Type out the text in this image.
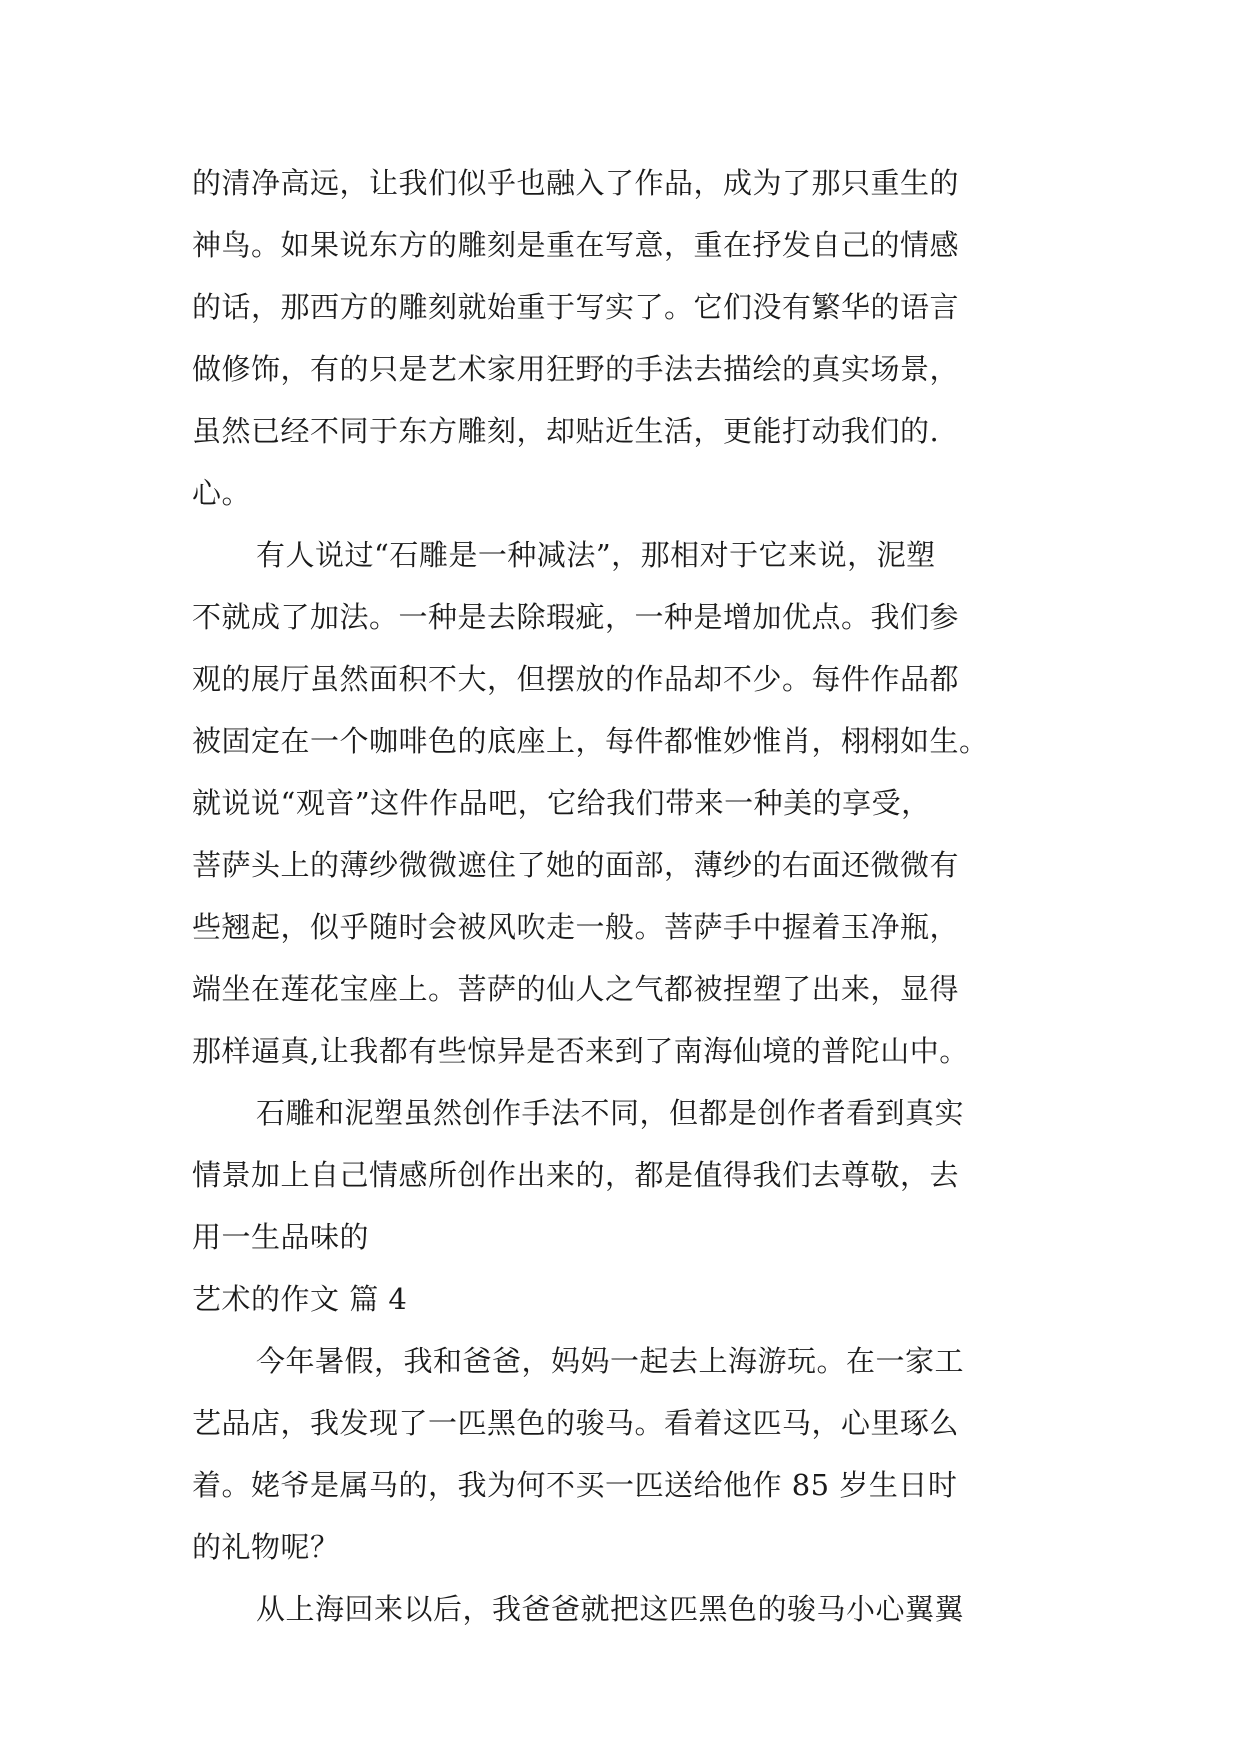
的清净高远，让我们似乎也融入了作品，成为了那只重生的

神鸟。如果说东方的雕刻是重在写意，重在抒发自己的情感

的话，那西方的雕刻就始重于写实了。它们没有繁华的语言

做修饰，有的只是艺术家用狂野的手法去描绘的真实场景，

虽然已经不同于东方雕刻，却贴近生活，更能打动我们的.

心。

有人说过“石雕是一种减法”，那相对于它来说，泥塑

不就成了加法。一种是去除瑕疵，一种是增加优点。我们参

观的展厅虽然面积不大，但摆放的作品却不少。每件作品都

被固定在一个咖啡色的底座上，每件都惟妙惟肖，栩栩如生。

就说说“观音”这件作品吧，它给我们带来一种美的享受，

菩萨头上的薄纱微微遮住了她的面部，薄纱的右面还微微有

些翘起，似乎随时会被风吹走一般。菩萨手中握着玉净瓶，

端坐在莲花宝座上。菩萨的仙人之气都被捏塑了出来，显得

那样逼真,让我都有些惊异是否来到了南海仙境的普陀山中。

石雕和泥塑虽然创作手法不同，但都是创作者看到真实

情景加上自己情感所创作出来的，都是值得我们去尊敬，去

用一生品味的

艺术的作文 篇 4

今年暑假，我和爸爸，妈妈一起去上海游玩。在一家工

艺品店，我发现了一匹黑色的骏马。看着这匹马，心里琢么

着。姥爷是属马的，我为何不买一匹送给他作 85 岁生日时

的礼物呢？

从上海回来以后，我爸爸就把这匹黑色的骏马小心翼翼
